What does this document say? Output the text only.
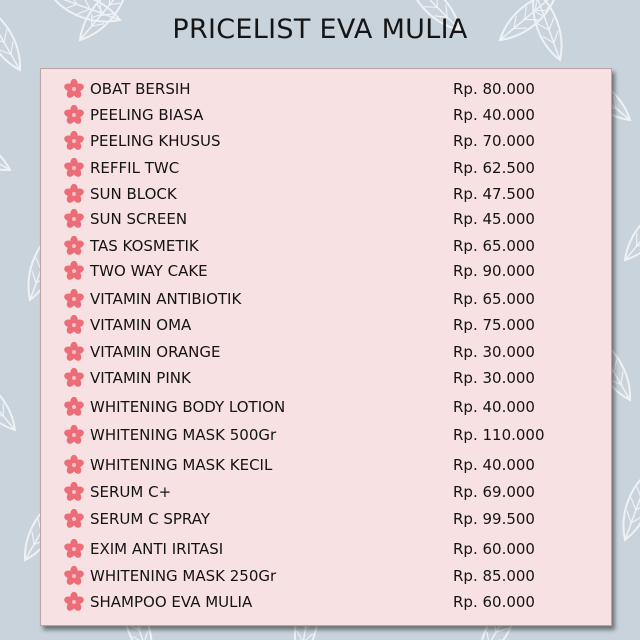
PRICELIST EVA MULIA
OBAT BERSIH	Rp. 80.000
PEELING BIASA	Rp. 40.000
PEELING KHUSUS	Rp. 70.000
REFFIL TWC	Rp. 62.500
SUN BLOCK	Rp. 47.500
SUN SCREEN	Rp. 45.000
TAS KOSMETIK	Rp. 65.000
TWO WAY CAKE	Rp. 90.000
VITAMIN ANTIBIOTIK	Rp. 65.000
VITAMIN OMA	Rp. 75.000
VITAMIN ORANGE	Rp. 30.000
VITAMIN PINK	Rp. 30.000
WHITENING BODY LOTION	Rp. 40.000
WHITENING MASK 500Gr	Rp. 110.000
WHITENING MASK KECIL	Rp. 40.000
SERUM C+	Rp. 69.000
SERUM C SPRAY	Rp. 99.500
EXIM ANTI IRITASI	Rp. 60.000
WHITENING MASK 250Gr	Rp. 85.000
SHAMPOO EVA MULIA	Rp. 60.000
